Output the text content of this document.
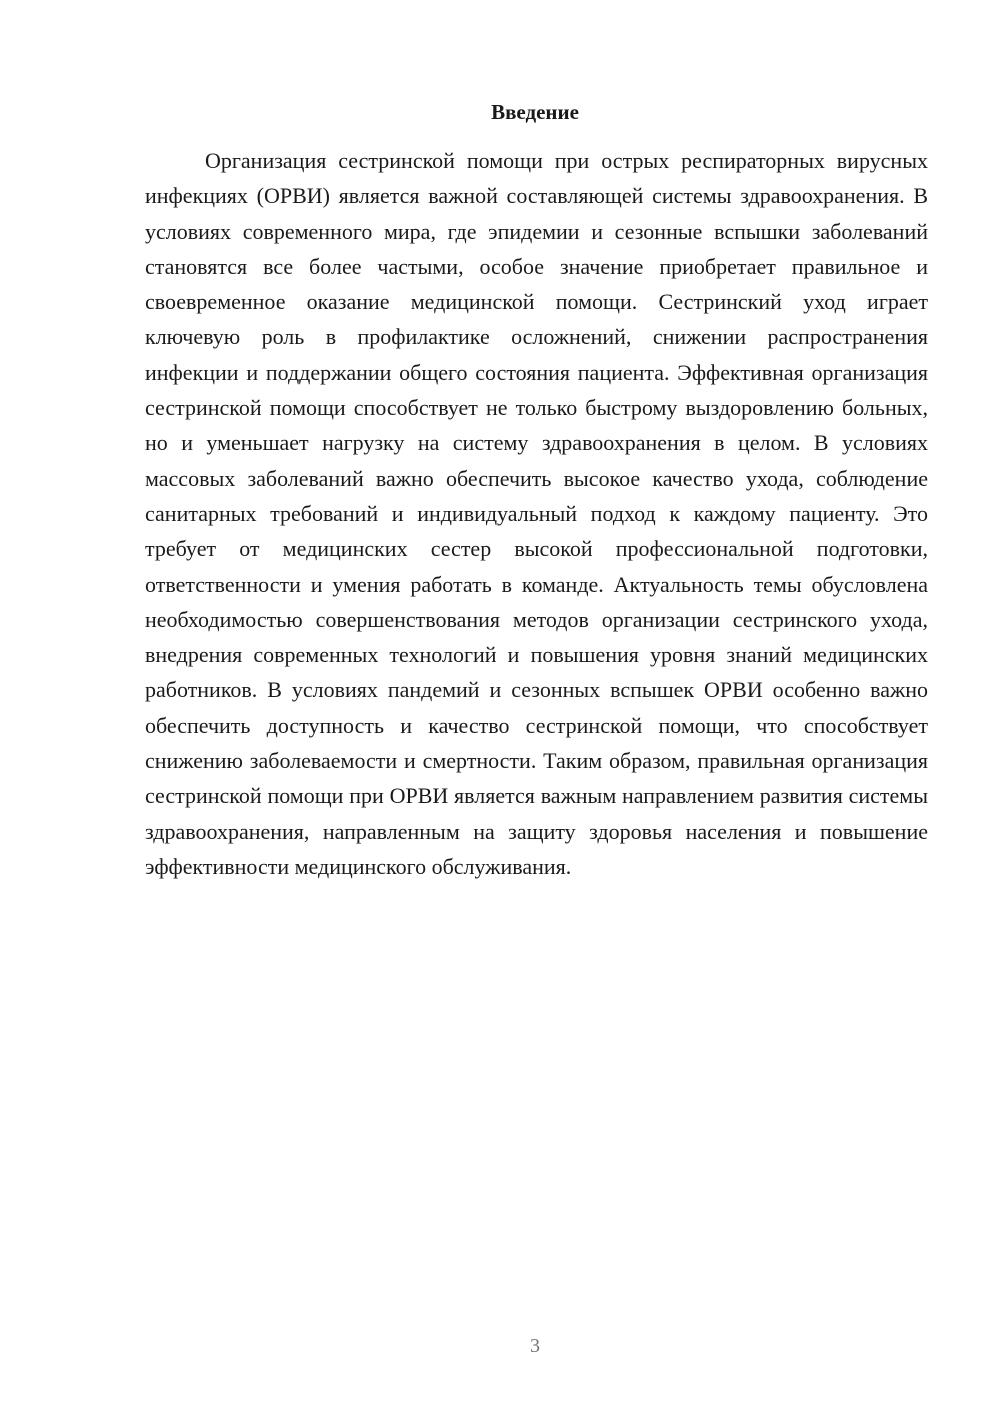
Введение

Организация сестринской помощи при острых респираторных вирусных инфекциях (ОРВИ) является важной составляющей системы здравоохранения. В условиях современного мира, где эпидемии и сезонные вспышки заболеваний становятся все более частыми, особое значение приобретает правильное и своевременное оказание медицинской помощи. Сестринский уход играет ключевую роль в профилактике осложнений, снижении распространения инфекции и поддержании общего состояния пациента. Эффективная организация сестринской помощи способствует не только быстрому выздоровлению больных, но и уменьшает нагрузку на систему здравоохранения в целом. В условиях массовых заболеваний важно обеспечить высокое качество ухода, соблюдение санитарных требований и индивидуальный подход к каждому пациенту. Это требует от медицинских сестер высокой профессиональной подготовки, ответственности и умения работать в команде. Актуальность темы обусловлена необходимостью совершенствования методов организации сестринского ухода, внедрения современных технологий и повышения уровня знаний медицинских работников. В условиях пандемий и сезонных вспышек ОРВИ особенно важно обеспечить доступность и качество сестринской помощи, что способствует снижению заболеваемости и смертности. Таким образом, правильная организация сестринской помощи при ОРВИ является важным направлением развития системы здравоохранения, направленным на защиту здоровья населения и повышение эффективности медицинского обслуживания.

3
